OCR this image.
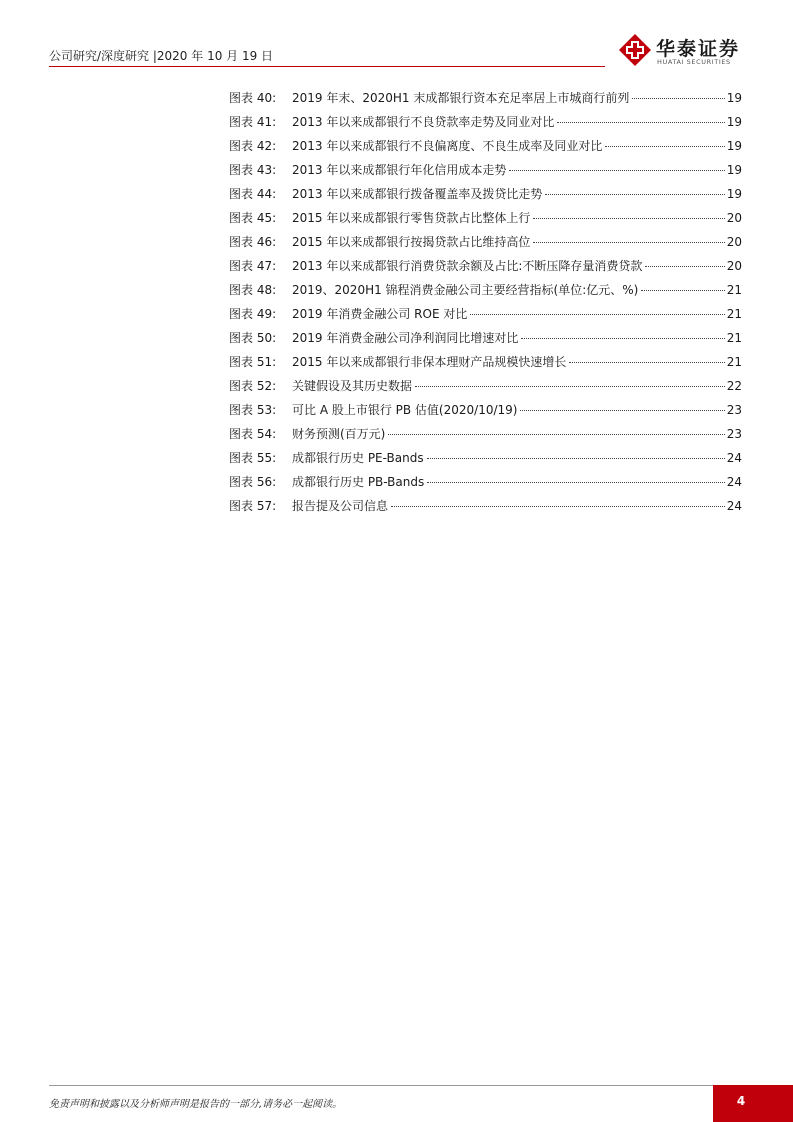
公司研究/深度研究 |2020 年 10 月 19 日	华泰证券
HUATAI SECURITIES
图表 40:	2019 年末、2020H1 末成都银行资本充足率居上市城商行前列	19
图表 41:	2013 年以来成都银行不良贷款率走势及同业对比	19
图表 42:	2013 年以来成都银行不良偏离度、不良生成率及同业对比	19
图表 43:	2013 年以来成都银行年化信用成本走势	19
图表 44:	2013 年以来成都银行拨备覆盖率及拨贷比走势	19
图表 45:	2015 年以来成都银行零售贷款占比整体上行	20
图表 46:	2015 年以来成都银行按揭贷款占比维持高位	20
图表 47:	2013 年以来成都银行消费贷款余额及占比:不断压降存量消费贷款	20
图表 48:	2019、2020H1 锦程消费金融公司主要经营指标(单位:亿元、%)	21
图表 49:	2019 年消费金融公司 ROE 对比	21
图表 50:	2019 年消费金融公司净利润同比增速对比	21
图表 51:	2015 年以来成都银行非保本理财产品规模快速增长	21
图表 52:	关键假设及其历史数据	22
图表 53:	可比 A 股上市银行 PB 估值(2020/10/19)	23
图表 54:	财务预测(百万元)	23
图表 55:	成都银行历史 PE-Bands	24
图表 56:	成都银行历史 PB-Bands	24
图表 57:	报告提及公司信息	24
免责声明和披露以及分析师声明是报告的一部分,请务必一起阅读。	4
